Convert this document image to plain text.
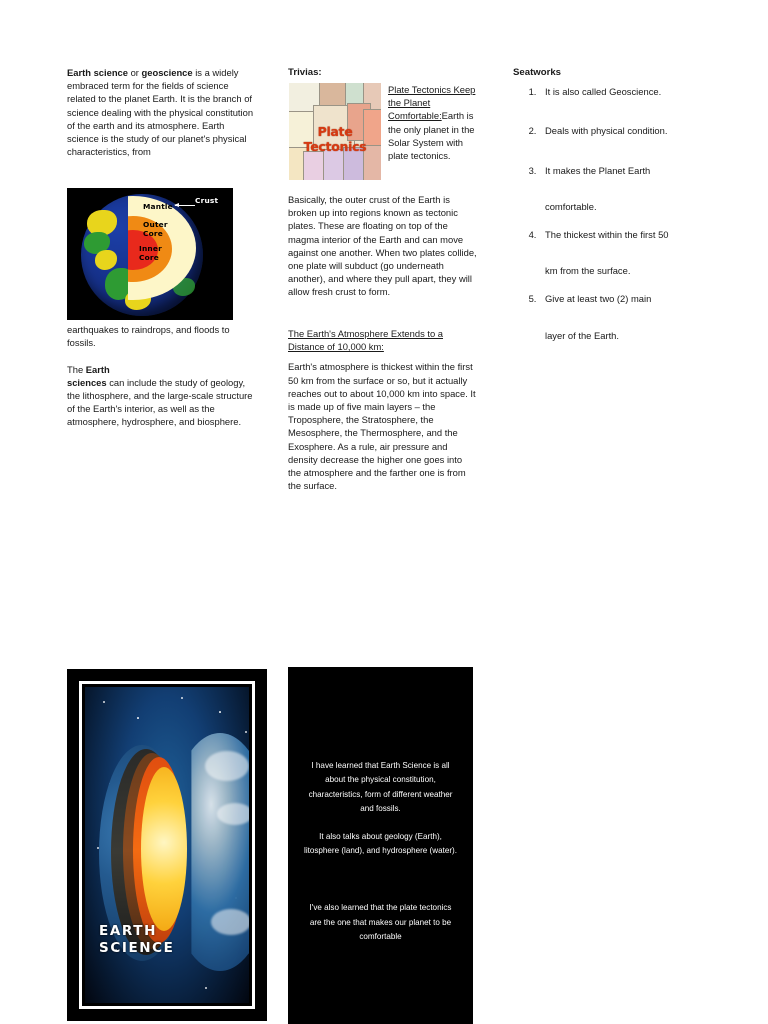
Earth science or geoscience is a widely embraced term for the fields of science related to the planet Earth. It is the branch of science dealing with the physical constitution of the earth and its atmosphere. Earth science is the study of our planet's physical characteristics, from

Mantle
Outer
Core
Inner
Core
Crust

earthquakes to raindrops, and floods to fossils.

The Earth
sciences can include the study of geology,
the lithosphere, and the large-scale structure of the Earth's interior, as well as the atmosphere, hydrosphere, and biosphere.

Trivias:
Plate Tectonics
Plate Tectonics Keep the Planet Comfortable:Earth is the only planet in the Solar System with plate tectonics.

Basically, the outer crust of the Earth is broken up into regions known as tectonic plates. These are floating on top of the magma interior of the Earth and can move against one another. When two plates collide, one plate will subduct (go underneath another), and where they pull apart, they will allow fresh crust to form.

The Earth's Atmosphere Extends to a Distance of 10,000 km:

Earth's atmosphere is thickest within the first 50 km from the surface or so, but it actually reaches out to about 10,000 km into space. It is made up of five main layers – the Troposphere, the Stratosphere, the Mesosphere, the Thermosphere, and the Exosphere. As a rule, air pressure and density decrease the higher one goes into the atmosphere and the farther one is from the surface.

Seatworks
1. It is also called Geoscience.
2. Deals with physical condition.
3. It makes the Planet Earth
comfortable.
4. The thickest within the first 50
km from the surface.
5. Give at least two (2) main
layer of the Earth.
EARTH
SCIENCE

I have learned that Earth Science is all about the physical constitution, characteristics, form of different weather and fossils.

It also talks about geology (Earth), litosphere (land), and hydrosphere (water).

I've also learned that the plate tectonics are the one that makes our planet to be comfortable
